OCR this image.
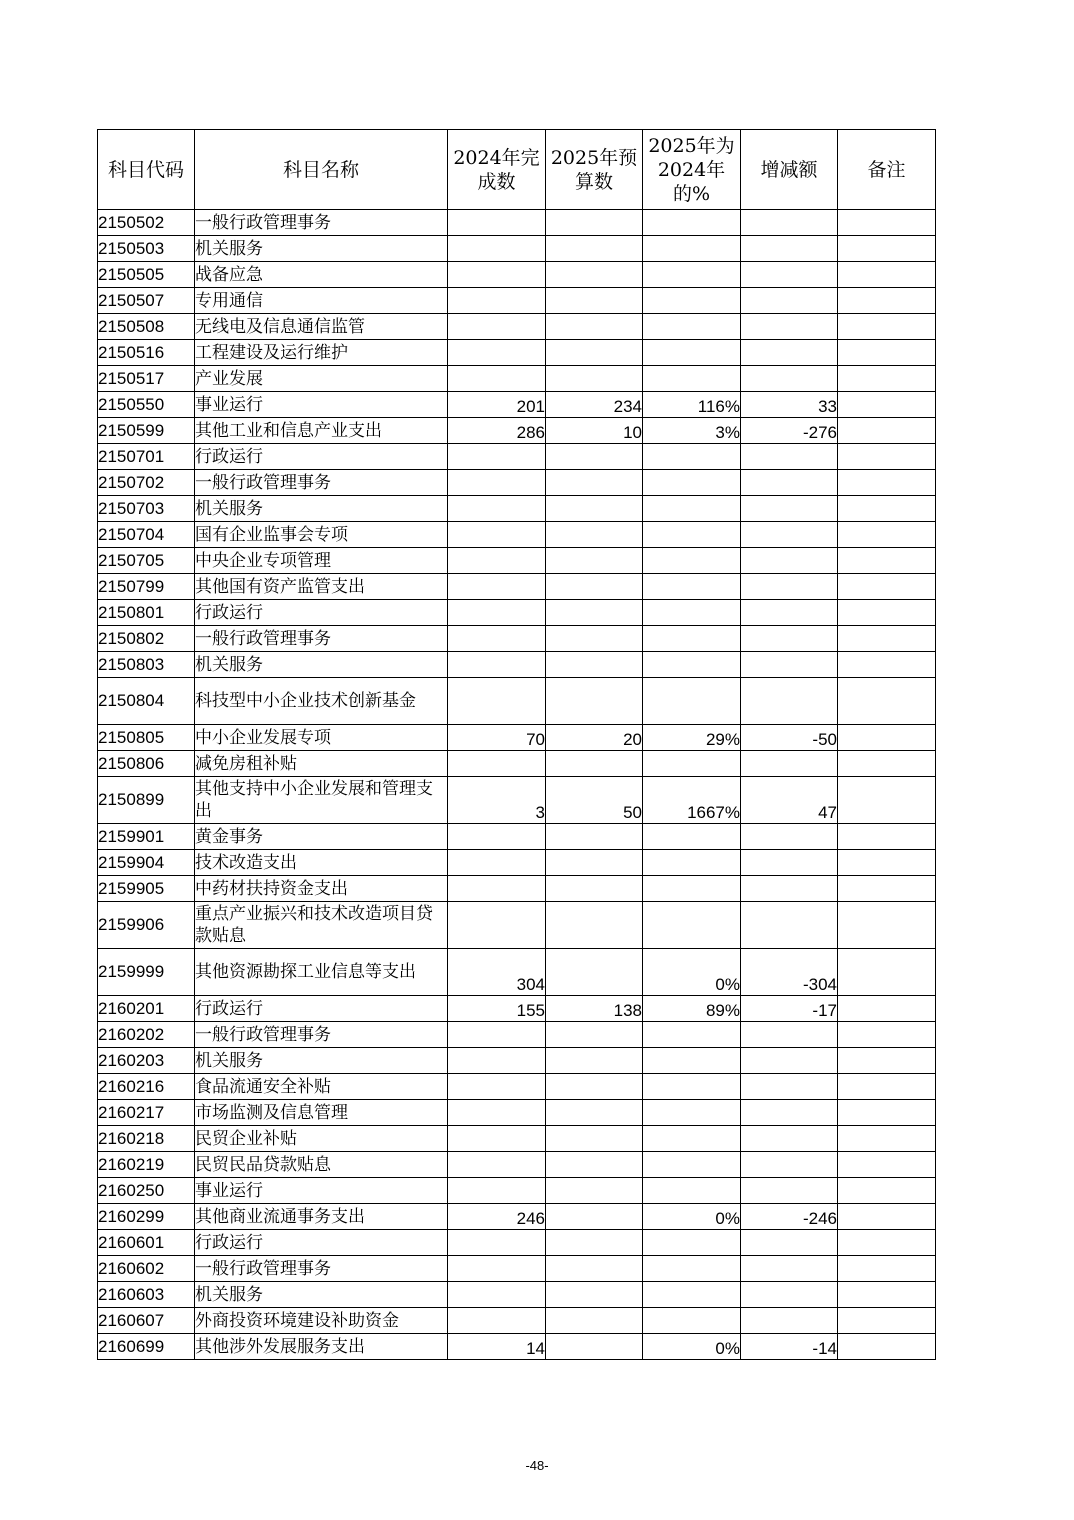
科目代码	科目名称	2024年完成数	2025年预算数	2025年为2024年的%	增减额	备注
2150502	一般行政管理事务					
2150503	机关服务					
2150505	战备应急					
2150507	专用通信					
2150508	无线电及信息通信监管					
2150516	工程建设及运行维护					
2150517	产业发展					
2150550	事业运行	201	234	116%	33	
2150599	其他工业和信息产业支出	286	10	3%	-276	
2150701	行政运行					
2150702	一般行政管理事务					
2150703	机关服务					
2150704	国有企业监事会专项					
2150705	中央企业专项管理					
2150799	其他国有资产监管支出					
2150801	行政运行					
2150802	一般行政管理事务					
2150803	机关服务					
2150804	科技型中小企业技术创新基金					
2150805	中小企业发展专项	70	20	29%	-50	
2150806	减免房租补贴					
2150899	其他支持中小企业发展和管理支出	3	50	1667%	47	
2159901	黄金事务					
2159904	技术改造支出					
2159905	中药材扶持资金支出					
2159906	重点产业振兴和技术改造项目贷款贴息					
2159999	其他资源勘探工业信息等支出	304		0%	-304	
2160201	行政运行	155	138	89%	-17	
2160202	一般行政管理事务					
2160203	机关服务					
2160216	食品流通安全补贴					
2160217	市场监测及信息管理					
2160218	民贸企业补贴					
2160219	民贸民品贷款贴息					
2160250	事业运行					
2160299	其他商业流通事务支出	246		0%	-246	
2160601	行政运行					
2160602	一般行政管理事务					
2160603	机关服务					
2160607	外商投资环境建设补助资金					
2160699	其他涉外发展服务支出	14		0%	-14	
-48-
